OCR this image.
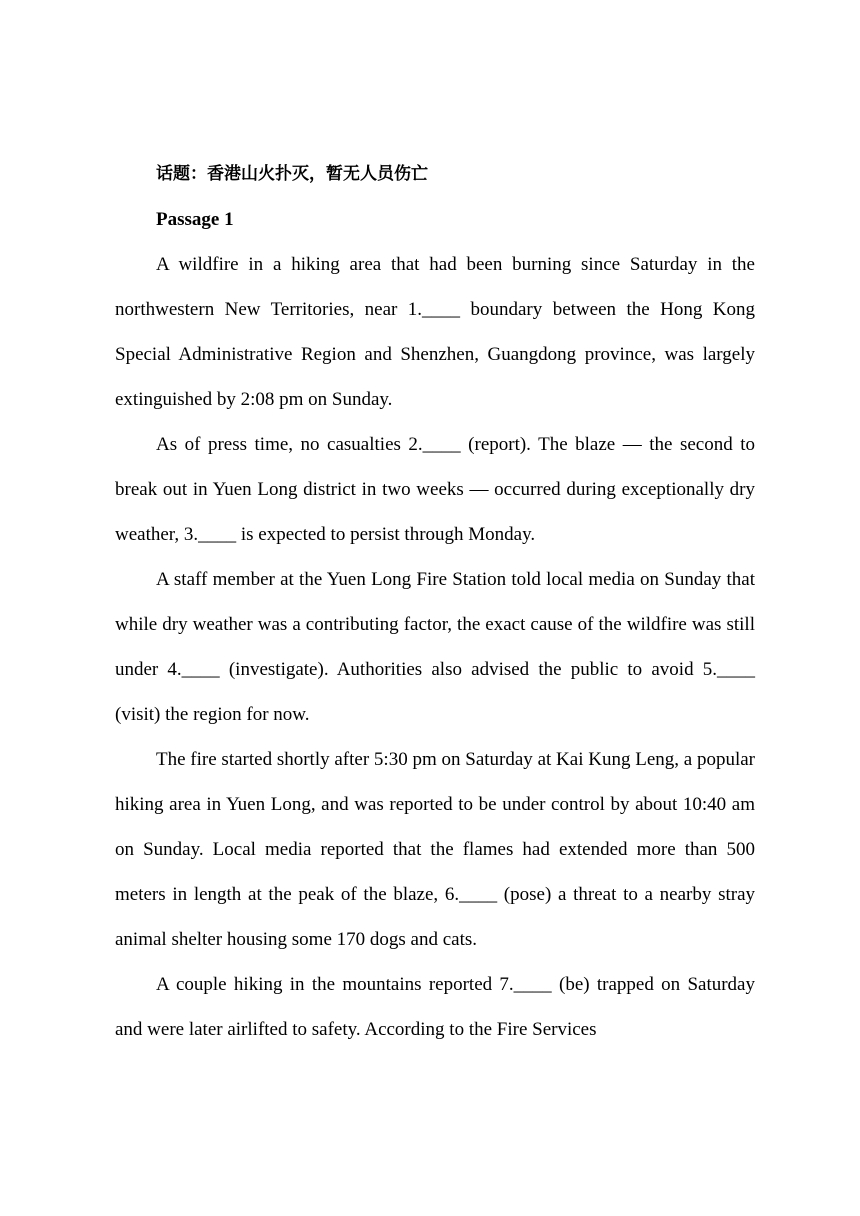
话题：香港山火扑灭，暂无人员伤亡

Passage 1

A wildfire in a hiking area that had been burning since Saturday in the northwestern New Territories, near 1.____ boundary between the Hong Kong Special Administrative Region and Shenzhen, Guangdong province, was largely extinguished by 2:08 pm on Sunday.

As of press time, no casualties 2.____ (report). The blaze — the second to break out in Yuen Long district in two weeks — occurred during exceptionally dry weather, 3.____ is expected to persist through Monday.

A staff member at the Yuen Long Fire Station told local media on Sunday that while dry weather was a contributing factor, the exact cause of the wildfire was still under 4.____ (investigate). Authorities also advised the public to avoid 5.____ (visit) the region for now.

The fire started shortly after 5:30 pm on Saturday at Kai Kung Leng, a popular hiking area in Yuen Long, and was reported to be under control by about 10:40 am on Sunday. Local media reported that the flames had extended more than 500 meters in length at the peak of the blaze, 6.____ (pose) a threat to a nearby stray animal shelter housing some 170 dogs and cats.

A couple hiking in the mountains reported 7.____ (be) trapped on Saturday and were later airlifted to safety. According to the Fire Services
